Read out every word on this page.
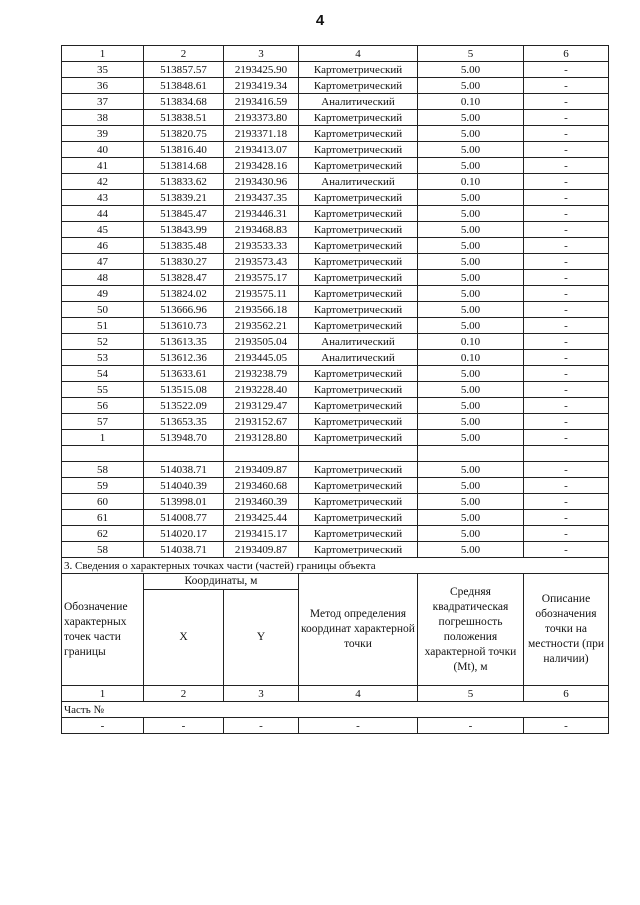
4
1	2	3	4	5	6
35	513857.57	2193425.90	Картометрический	5.00	-
36	513848.61	2193419.34	Картометрический	5.00	-
37	513834.68	2193416.59	Аналитический	0.10	-
38	513838.51	2193373.80	Картометрический	5.00	-
39	513820.75	2193371.18	Картометрический	5.00	-
40	513816.40	2193413.07	Картометрический	5.00	-
41	513814.68	2193428.16	Картометрический	5.00	-
42	513833.62	2193430.96	Аналитический	0.10	-
43	513839.21	2193437.35	Картометрический	5.00	-
44	513845.47	2193446.31	Картометрический	5.00	-
45	513843.99	2193468.83	Картометрический	5.00	-
46	513835.48	2193533.33	Картометрический	5.00	-
47	513830.27	2193573.43	Картометрический	5.00	-
48	513828.47	2193575.17	Картометрический	5.00	-
49	513824.02	2193575.11	Картометрический	5.00	-
50	513666.96	2193566.18	Картометрический	5.00	-
51	513610.73	2193562.21	Картометрический	5.00	-
52	513613.35	2193505.04	Аналитический	0.10	-
53	513612.36	2193445.05	Аналитический	0.10	-
54	513633.61	2193238.79	Картометрический	5.00	-
55	513515.08	2193228.40	Картометрический	5.00	-
56	513522.09	2193129.47	Картометрический	5.00	-
57	513653.35	2193152.67	Картометрический	5.00	-
1	513948.70	2193128.80	Картометрический	5.00	-

58	514038.71	2193409.87	Картометрический	5.00	-
59	514040.39	2193460.68	Картометрический	5.00	-
60	513998.01	2193460.39	Картометрический	5.00	-
61	514008.77	2193425.44	Картометрический	5.00	-
62	514020.17	2193415.17	Картометрический	5.00	-
58	514038.71	2193409.87	Картометрический	5.00	-
3. Сведения о характерных точках части (частей) границы объекта					
Обозначение характерных точек части границы	Координаты, м		Метод определения координат характерной точки	Средняя квадратическая погрешность положения характерной точки (Mt), м	Описание обозначения точки на местности (при наличии)
	X	Y			
1	2	3	4	5	6
Часть №					
-	-	-	-	-	-
